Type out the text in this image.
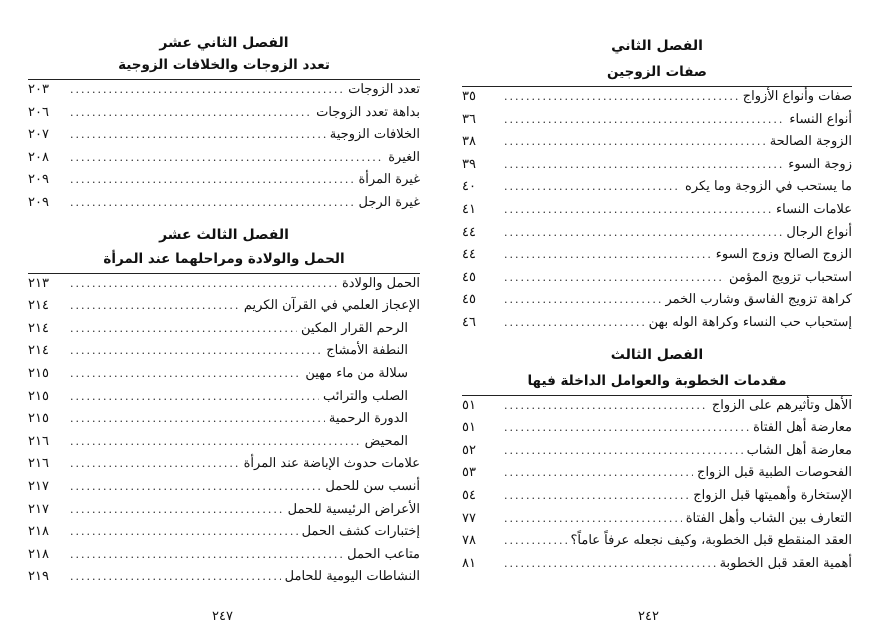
الفصل الثاني
صفات الزوجين
صفات وأنواع الأزواج
.....
٣٥
أنواع النساء
.....
٣٦
الزوجة الصالحة
.....
٣٨
زوجة السوء
.....
٣٩
ما يستحب في الزوجة وما يكره
.....
٤٠
علامات النساء
.....
٤١
أنواع الرجال
.....
٤٤
الزوج الصالح وزوج السوء
.....
٤٤
استحباب تزويج المؤمن
.....
٤٥
كراهة تزويج الفاسق وشارب الخمر
.....
٤٥
إستحباب حب النساء وكراهة الوله بهن
.....
٤٦
الفصل الثالث
مقدمات الخطوبة والعوامل الداخلة فيها
الأهل وتأثيرهم على الزواج
.....
٥١
معارضة أهل الفتاة
.....
٥١
معارضة أهل الشاب
.....
٥٢
الفحوصات الطبية قبل الزواج
.....
٥٣
الإستخارة وأهميتها قبل الزواج
.....
٥٤
التعارف بين الشاب وأهل الفتاة
.....
٧٧
العقد المنقطع قبل الخطوبة، وكيف نجعله عرفاً عاماً؟
.....
٧٨
أهمية العقد قبل الخطوبة
.....
٨١
٢٤٢
الفصل الثاني عشر
تعدد الزوجات والخلافات الزوجية
تعدد الزوجات
.....
٢٠٣
بداهة تعدد الزوجات
.....
٢٠٦
الخلافات الزوجية
.....
٢٠٧
الغيرة
.....
٢٠٨
غيرة المرأة
.....
٢٠٩
غيرة الرجل
.....
٢٠٩
الفصل الثالث عشر
الحمل والولادة ومراحلهما عند المرأة
الحمل والولادة
.....
٢١٣
الإعجاز العلمي في القرآن الكريم
.....
٢١٤
الرحم القرار المكين
.....
٢١٤
النطفة الأمشاج
.....
٢١٤
سلالة من ماء مهين
.....
٢١٥
الصلب والترائب
.....
٢١٥
الدورة الرحمية
.....
٢١٥
المحيض
.....
٢١٦
علامات حدوث الإباضة عند المرأة
.....
٢١٦
أنسب سن للحمل
.....
٢١٧
الأعراض الرئيسية للحمل
.....
٢١٧
إختبارات كشف الحمل
.....
٢١٨
متاعب الحمل
.....
٢١٨
النشاطات اليومية للحامل
.....
٢١٩
٢٤٧
